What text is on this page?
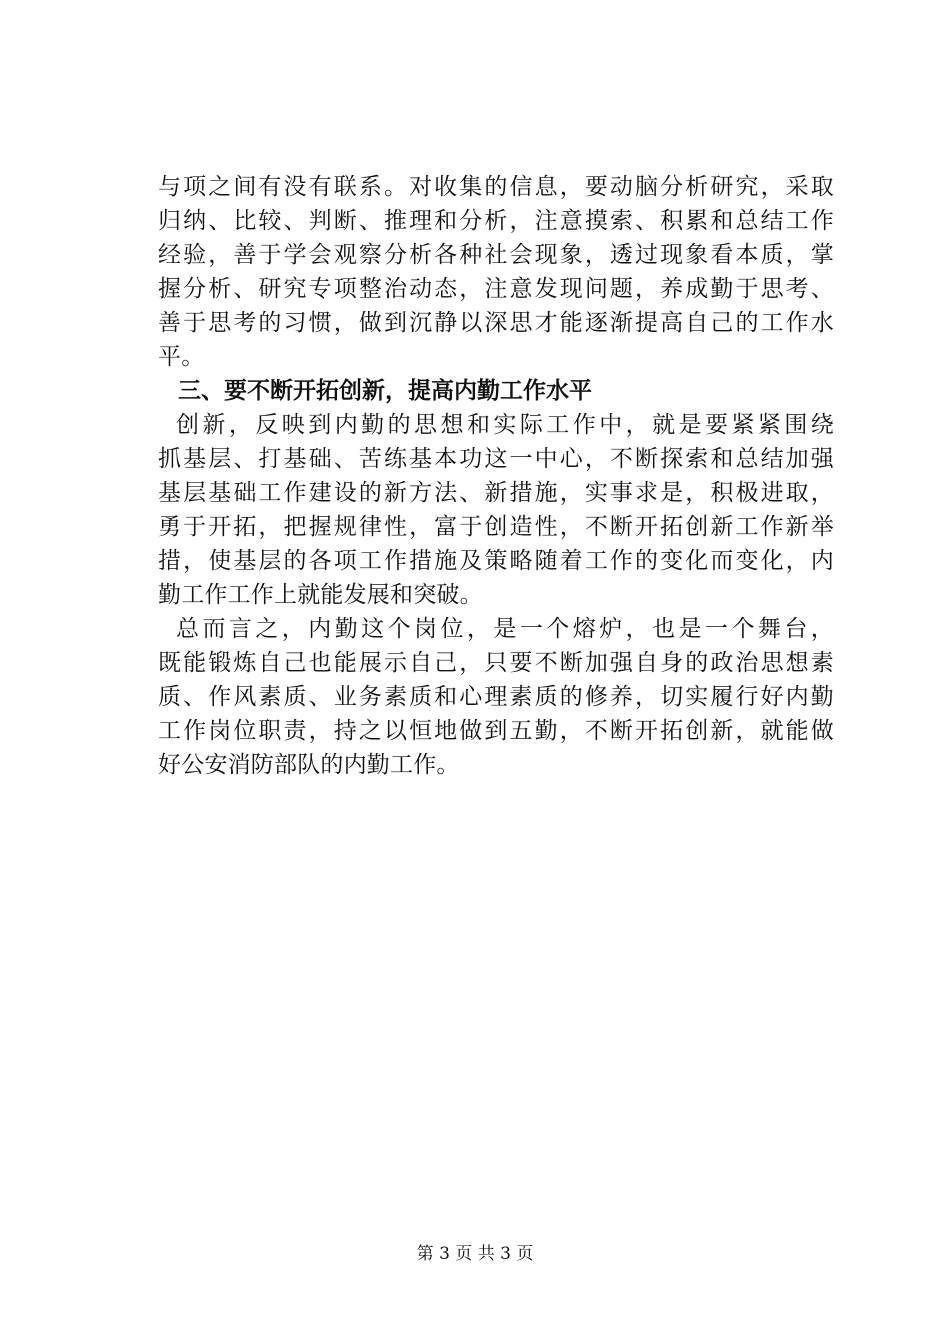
与项之间有没有联系。对收集的信息，要动脑分析研究，采取
归纳、比较、判断、推理和分析，注意摸索、积累和总结工作
经验，善于学会观察分析各种社会现象，透过现象看本质，掌
握分析、研究专项整治动态，注意发现问题，养成勤于思考、
善于思考的习惯，做到沉静以深思才能逐渐提高自己的工作水
平。
三、要不断开拓创新，提高内勤工作水平
创新，反映到内勤的思想和实际工作中，就是要紧紧围绕
抓基层、打基础、苦练基本功这一中心，不断探索和总结加强
基层基础工作建设的新方法、新措施，实事求是，积极进取，
勇于开拓，把握规律性，富于创造性，不断开拓创新工作新举
措，使基层的各项工作措施及策略随着工作的变化而变化，内
勤工作工作上就能发展和突破。
总而言之，内勤这个岗位，是一个熔炉，也是一个舞台，
既能锻炼自己也能展示自己，只要不断加强自身的政治思想素
质、作风素质、业务素质和心理素质的修养，切实履行好内勤
工作岗位职责，持之以恒地做到五勤，不断开拓创新，就能做
好公安消防部队的内勤工作。
第 3 页 共 3 页
